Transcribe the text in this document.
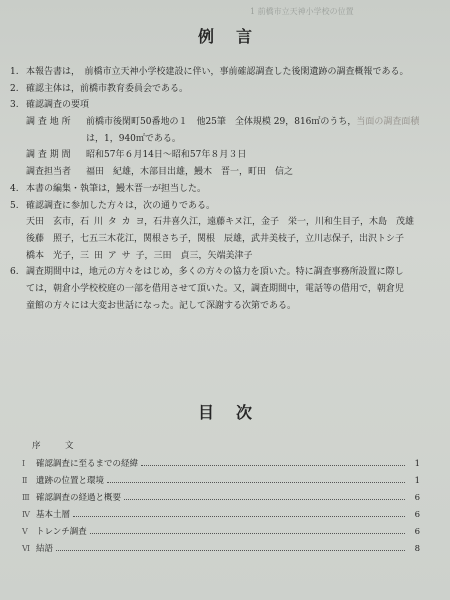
1 前橋市立天神小学校の位置
例言
1. 本報告書は，　前橋市立天神小学校建設に伴い，事前確認調査した後閑遺跡の調査概報である。
2. 確認主体は，前橋市教育委員会である。
3. 確認調査の要項
調 査 地 所 前橋市後閑町50番地の１　他25筆　全体規模 29，816㎡のうち，当面の調査面積
は，1，940㎡である。
調 査 期 間 昭和57年６月14日～昭和57年８月３日
調査担当者 福田　紀雄，木部目出雄，鰻木　晋一，町田　信之
4. 本書の編集・執筆は，鰻木晋一が担当した。
5. 確認調査に参加した方々は，次の通りである。
天田　玄市，石 川 タ カ ヨ，石井喜久江，遠藤キヌ江，金子　栄一，川和生目子，木島　茂雄
後藤　照子，七五三木花江，関根さち子，関根　辰雄，武井美枝子，立川志保子，出沢トシ子
橋本　光子，三 田 ア サ 子，三田　貞三，矢端美津子
6. 調査期間中は，地元の方々をはじめ，多くの方々の協力を頂いた。特に調査事務所設置に際し
ては，朝倉小学校校庭の一部を借用させて頂いた。又，調査期間中，電話等の借用で，朝倉児
童館の方々には大変お世話になった。記して深謝する次第である。
目次
序　文
Ⅰ	確認調査に至るまでの経緯	1
Ⅱ	遺跡の位置と環境	1
Ⅲ 確認調査の経過と概要	6
Ⅳ 基本土層	6
Ⅴ トレンチ調査	6
Ⅵ 結語	8
